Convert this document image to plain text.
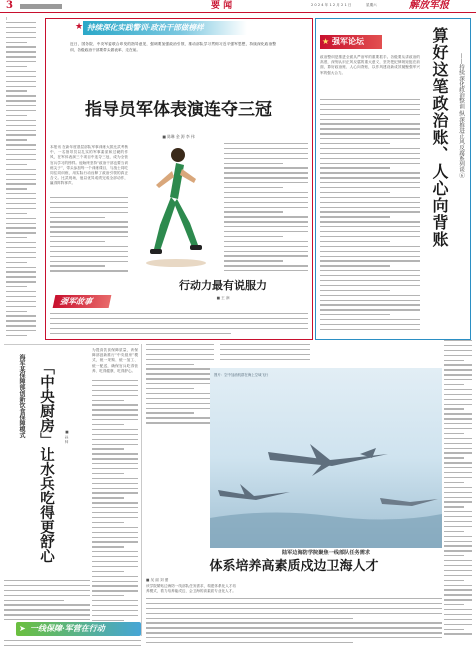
3	要 闻	2 0 2 4 年 1 2 月 2 1 日	星期六	解放军报
★ 持续深化实践警训·政治干部做榜样
近日，国务院、中央军委联合印发的指导意见，强调要加强政治引领，推动部队学习贯彻习近平强军思想，持续深化政治整训，各级政治干部要带头做表率、走在前。
指导员军体表演连夺三冠
■ 陈琳 金 源 李 伟
本报讯 在新年度基层部队军事训练大抓比武考核中，一名指导员以扎实的军事素质和过硬的作风，在军体表演三个项目中连夺三冠，成为全营官兵学习的榜样。他始终坚持“政治干部也要当训练尖子”，带头参加每一个训练课目，与战士同吃同住同训练，用实际行动诠释了政治引领的真正含义。比武现场，他以优异成绩完成全部动作，赢得阵阵掌声。
强军故事
行动力最有说服力
■ 王 润
★ 强军论坛
政治整训是推进全面从严治军的重要抓手。各级要从讲政治的高度，深刻认识正风反腐的重大意义，坚决把纪律规矩挺在前面，算好政治账、人心向背账，以作风建设新成效凝聚强军兴军的强大合力。	算好这笔政治账、人心向背账	——持续深化政治整训 纵深推进正风反腐系列谈⑥
「中央厨房」让水兵吃得更舒心
海军某保障部创新饮食保障模式	■ 孙 帅
为提高饮食保障质量，该保障部创新推行“中央厨房”模式，统一采购、统一加工、统一配送，确保官兵吃得营养、吃得健康、吃得舒心。
图片：空中加油机群在海上空域飞行
陆军边海防学院聚焦一线部队任务需求
体系培养高素质戍边卫海人才
■ 吴 丽 刘 蕾
该学院紧贴边海防一线部队任务需求，构建体系化人才培养模式，着力培养能戍边、会卫海的高素质专业化人才。
➤ 一线保障·军营在行动
